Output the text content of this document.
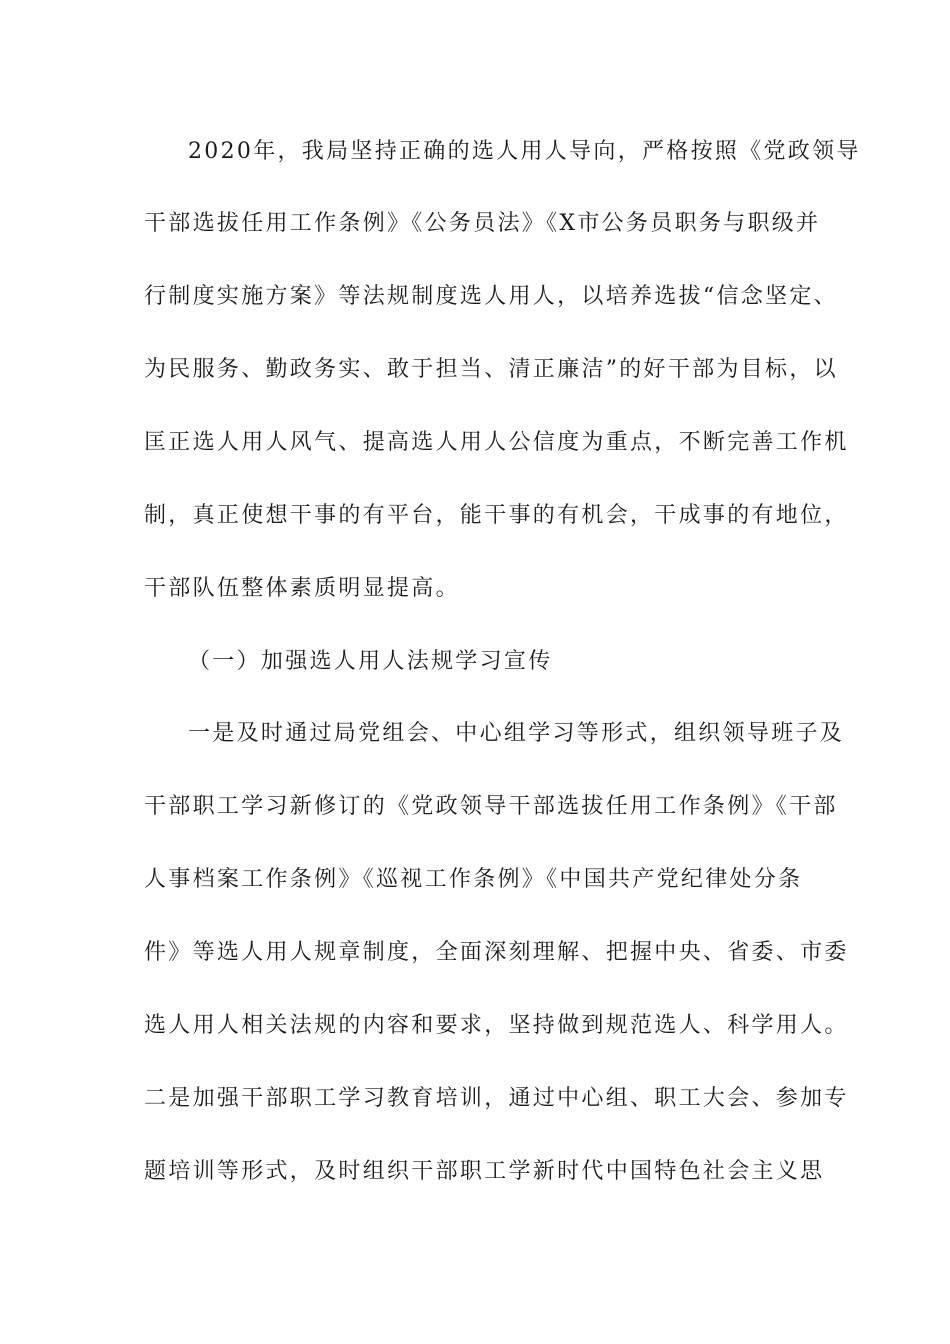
2020年，我局坚持正确的选人用人导向，严格按照《党政领导
干部选拔任用工作条例》《公务员法》《X市公务员职务与职级并
行制度实施方案》等法规制度选人用人，以培养选拔“信念坚定、
为民服务、勤政务实、敢于担当、清正廉洁”的好干部为目标，以
匡正选人用人风气、提高选人用人公信度为重点，不断完善工作机
制，真正使想干事的有平台，能干事的有机会，干成事的有地位，
干部队伍整体素质明显提高。
（一）加强选人用人法规学习宣传
一是及时通过局党组会、中心组学习等形式，组织领导班子及
干部职工学习新修订的《党政领导干部选拔任用工作条例》《干部
人事档案工作条例》《巡视工作条例》《中国共产党纪律处分条
件》等选人用人规章制度，全面深刻理解、把握中央、省委、市委
选人用人相关法规的内容和要求，坚持做到规范选人、科学用人。
二是加强干部职工学习教育培训，通过中心组、职工大会、参加专
题培训等形式，及时组织干部职工学新时代中国特色社会主义思
